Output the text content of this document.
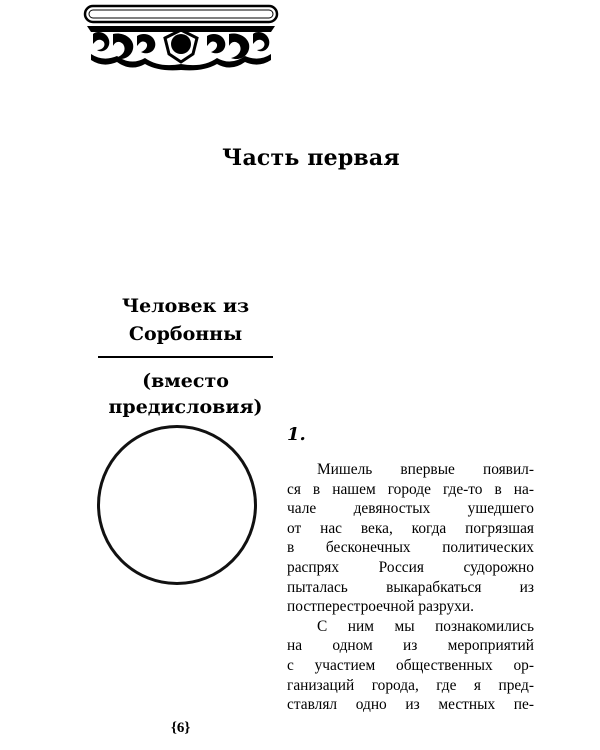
Часть первая

Человек из Сорбонны

(вместо предисловия)

1.
Мишель впервые появил-
ся в нашем городе где-то в на-
чале девяностых ушедшего
от нас века, когда погрязшая
в бесконечных политических
распрях Россия судорожно
пыталась выкарабкаться из
постперестроечной разрухи.
С ним мы познакомились
на одном из мероприятий
с участием общественных ор-
ганизаций города, где я пред-
ставлял одно из местных пе-
{6}
